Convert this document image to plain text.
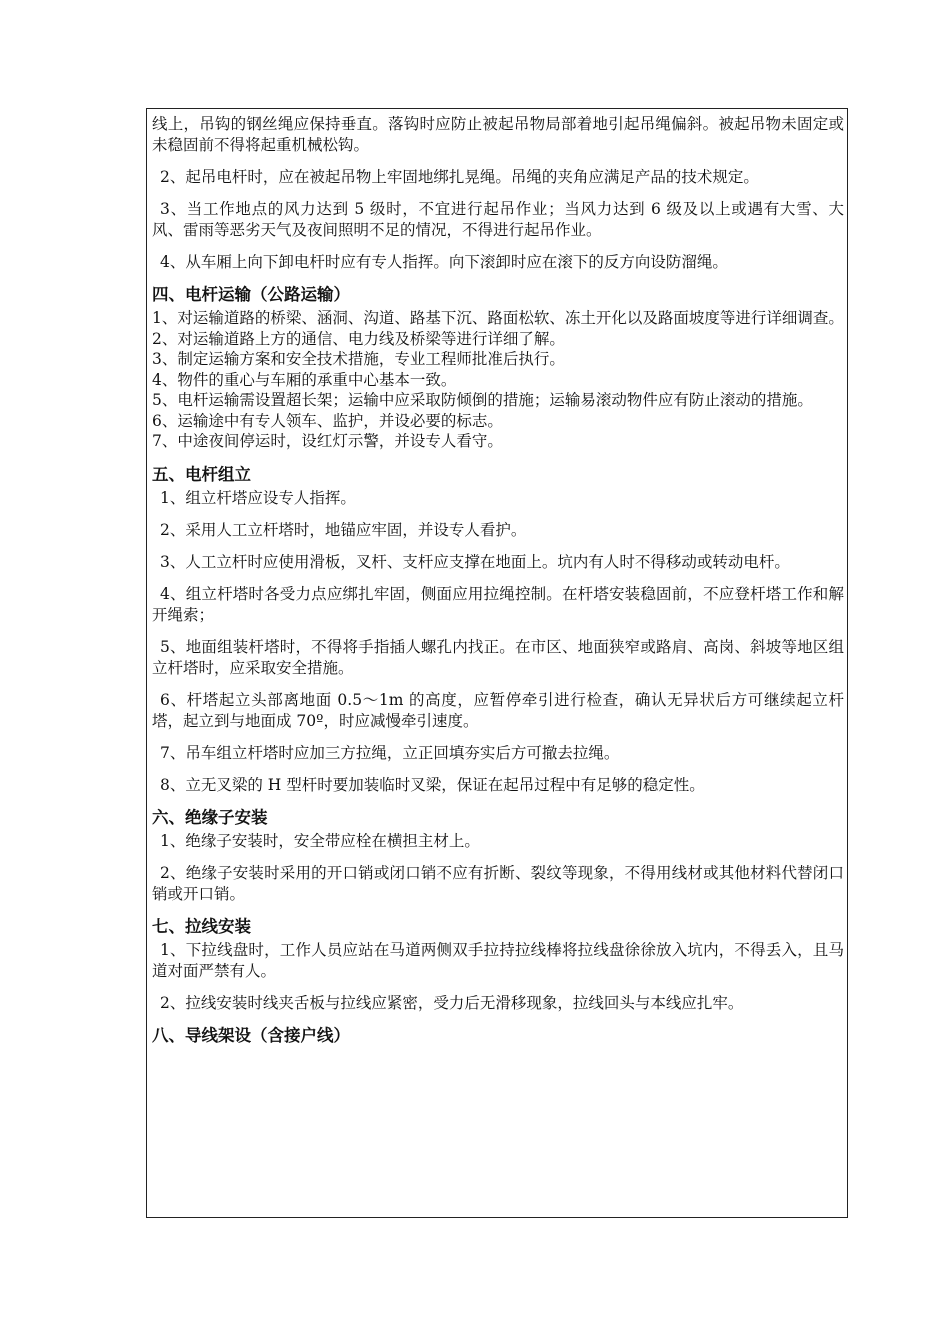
线上，吊钩的钢丝绳应保持垂直。落钩时应防止被起吊物局部着地引起吊绳偏斜。被起吊物未固定或未稳固前不得将起重机械松钩。

2、起吊电杆时，应在被起吊物上牢固地绑扎晃绳。吊绳的夹角应满足产品的技术规定。

3、当工作地点的风力达到 5 级时，不宜进行起吊作业；当风力达到 6 级及以上或遇有大雪、大风、雷雨等恶劣天气及夜间照明不足的情况，不得进行起吊作业。

4、从车厢上向下卸电杆时应有专人指挥。向下滚卸时应在滚下的反方向设防溜绳。

四、电杆运输（公路运输）

1、对运输道路的桥梁、涵洞、沟道、路基下沉、路面松软、冻土开化以及路面坡度等进行详细调查。

2、对运输道路上方的通信、电力线及桥梁等进行详细了解。

3、制定运输方案和安全技术措施，专业工程师批准后执行。

4、物件的重心与车厢的承重中心基本一致。

5、电杆运输需设置超长架；运输中应采取防倾倒的措施；运输易滚动物件应有防止滚动的措施。

6、运输途中有专人领车、监护，并设必要的标志。

7、中途夜间停运时，设红灯示警，并设专人看守。

五、电杆组立

1、组立杆塔应设专人指挥。

2、采用人工立杆塔时，地锚应牢固，并设专人看护。

3、人工立杆时应使用滑板，叉杆、支杆应支撑在地面上。坑内有人时不得移动或转动电杆。

4、组立杆塔时各受力点应绑扎牢固，侧面应用拉绳控制。在杆塔安装稳固前，不应登杆塔工作和解开绳索；

5、地面组装杆塔时，不得将手指插人螺孔内找正。在市区、地面狭窄或路肩、高岗、斜坡等地区组立杆塔时，应采取安全措施。

6、杆塔起立头部离地面 0.5～1m 的高度，应暂停牵引进行检查，确认无异状后方可继续起立杆塔，起立到与地面成 70º，时应减慢牵引速度。

7、吊车组立杆塔时应加三方拉绳，立正回填夯实后方可撤去拉绳。

8、立无叉梁的 H 型杆时要加装临时叉梁，保证在起吊过程中有足够的稳定性。

六、绝缘子安装

1、绝缘子安装时，安全带应栓在横担主材上。

2、绝缘子安装时采用的开口销或闭口销不应有折断、裂纹等现象，不得用线材或其他材料代替闭口销或开口销。

七、拉线安装

1、下拉线盘时，工作人员应站在马道两侧双手拉持拉线棒将拉线盘徐徐放入坑内，不得丢入，且马道对面严禁有人。

2、拉线安装时线夹舌板与拉线应紧密，受力后无滑移现象，拉线回头与本线应扎牢。

八、导线架设（含接户线）
